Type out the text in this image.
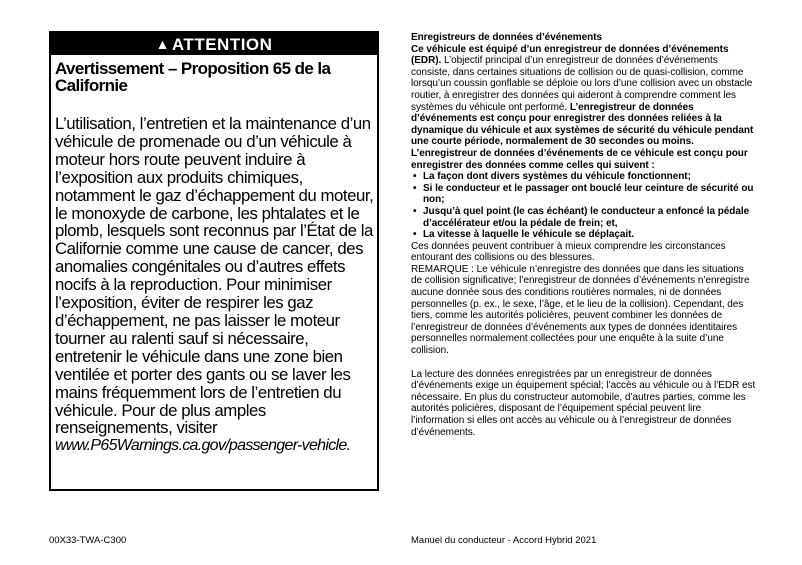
▲ ATTENTION
Avertissement – Proposition 65 de la Californie
L’utilisation, l’entretien et la maintenance d’un véhicule de promenade ou d’un véhicule à moteur hors route peuvent induire à l’exposition aux produits chimiques, notamment le gaz d’échappement du moteur, le monoxyde de carbone, les phtalates et le plomb, lesquels sont reconnus par l’État de la Californie comme une cause de cancer, des anomalies congénitales ou d’autres effets nocifs à la reproduction. Pour minimiser l’exposition, éviter de respirer les gaz d’échappement, ne pas laisser le moteur tourner au ralenti sauf si nécessaire, entretenir le véhicule dans une zone bien ventilée et porter des gants ou se laver les mains fréquemment lors de l’entretien du véhicule. Pour de plus amples renseignements, visiter
www.P65Warnings.ca.gov/passenger-vehicle.

Enregistreurs de données d’événements

Ce véhicule est équipé d’un enregistreur de données d’événements (EDR). L’objectif principal d’un enregistreur de données d’événements consiste, dans certaines situations de collision ou de quasi-collision, comme lorsqu’un coussin gonflable se déploie ou lors d’une collision avec un obstacle routier, à enregistrer des données qui aideront à comprendre comment les systèmes du véhicule ont performé. L’enregistreur de données d’événements est conçu pour enregistrer des données reliées à la dynamique du véhicule et aux systèmes de sécurité du véhicule pendant une courte période, normalement de 30 secondes ou moins. L’enregistreur de données d’événements de ce véhicule est conçu pour enregistrer des données comme celles qui suivent :

• La façon dont divers systèmes du véhicule fonctionnent;
• Si le conducteur et le passager ont bouclé leur ceinture de sécurité ou non;
• Jusqu’à quel point (le cas échéant) le conducteur a enfoncé la pédale d’accélérateur et/ou la pédale de frein; et,
• La vitesse à laquelle le véhicule se déplaçait.

Ces données peuvent contribuer à mieux comprendre les circonstances entourant des collisions ou des blessures.

REMARQUE : Le véhicule n’enregistre des données que dans les situations de collision significative; l’enregistreur de données d’événements n’enregistre aucune donnée sous des conditions routières normales, ni de données personnelles (p. ex., le sexe, l’âge, et le lieu de la collision). Cependant, des tiers, comme les autorités policières, peuvent combiner les données de l’enregistreur de données d’événements aux types de données identitaires personnelles normalement collectées pour une enquête à la suite d’une collision.

La lecture des données enregistrées par un enregistreur de données d’événements exige un équipement spécial; l’accès au véhicule ou à l’EDR est nécessaire. En plus du constructeur automobile, d’autres parties, comme les autorités policières, disposant de l’équipement spécial peuvent lire l’information si elles ont accès au véhicule ou à l’enregistreur de données d’événements.

00X33-TWA-C300	Manuel du conducteur - Accord Hybrid 2021
